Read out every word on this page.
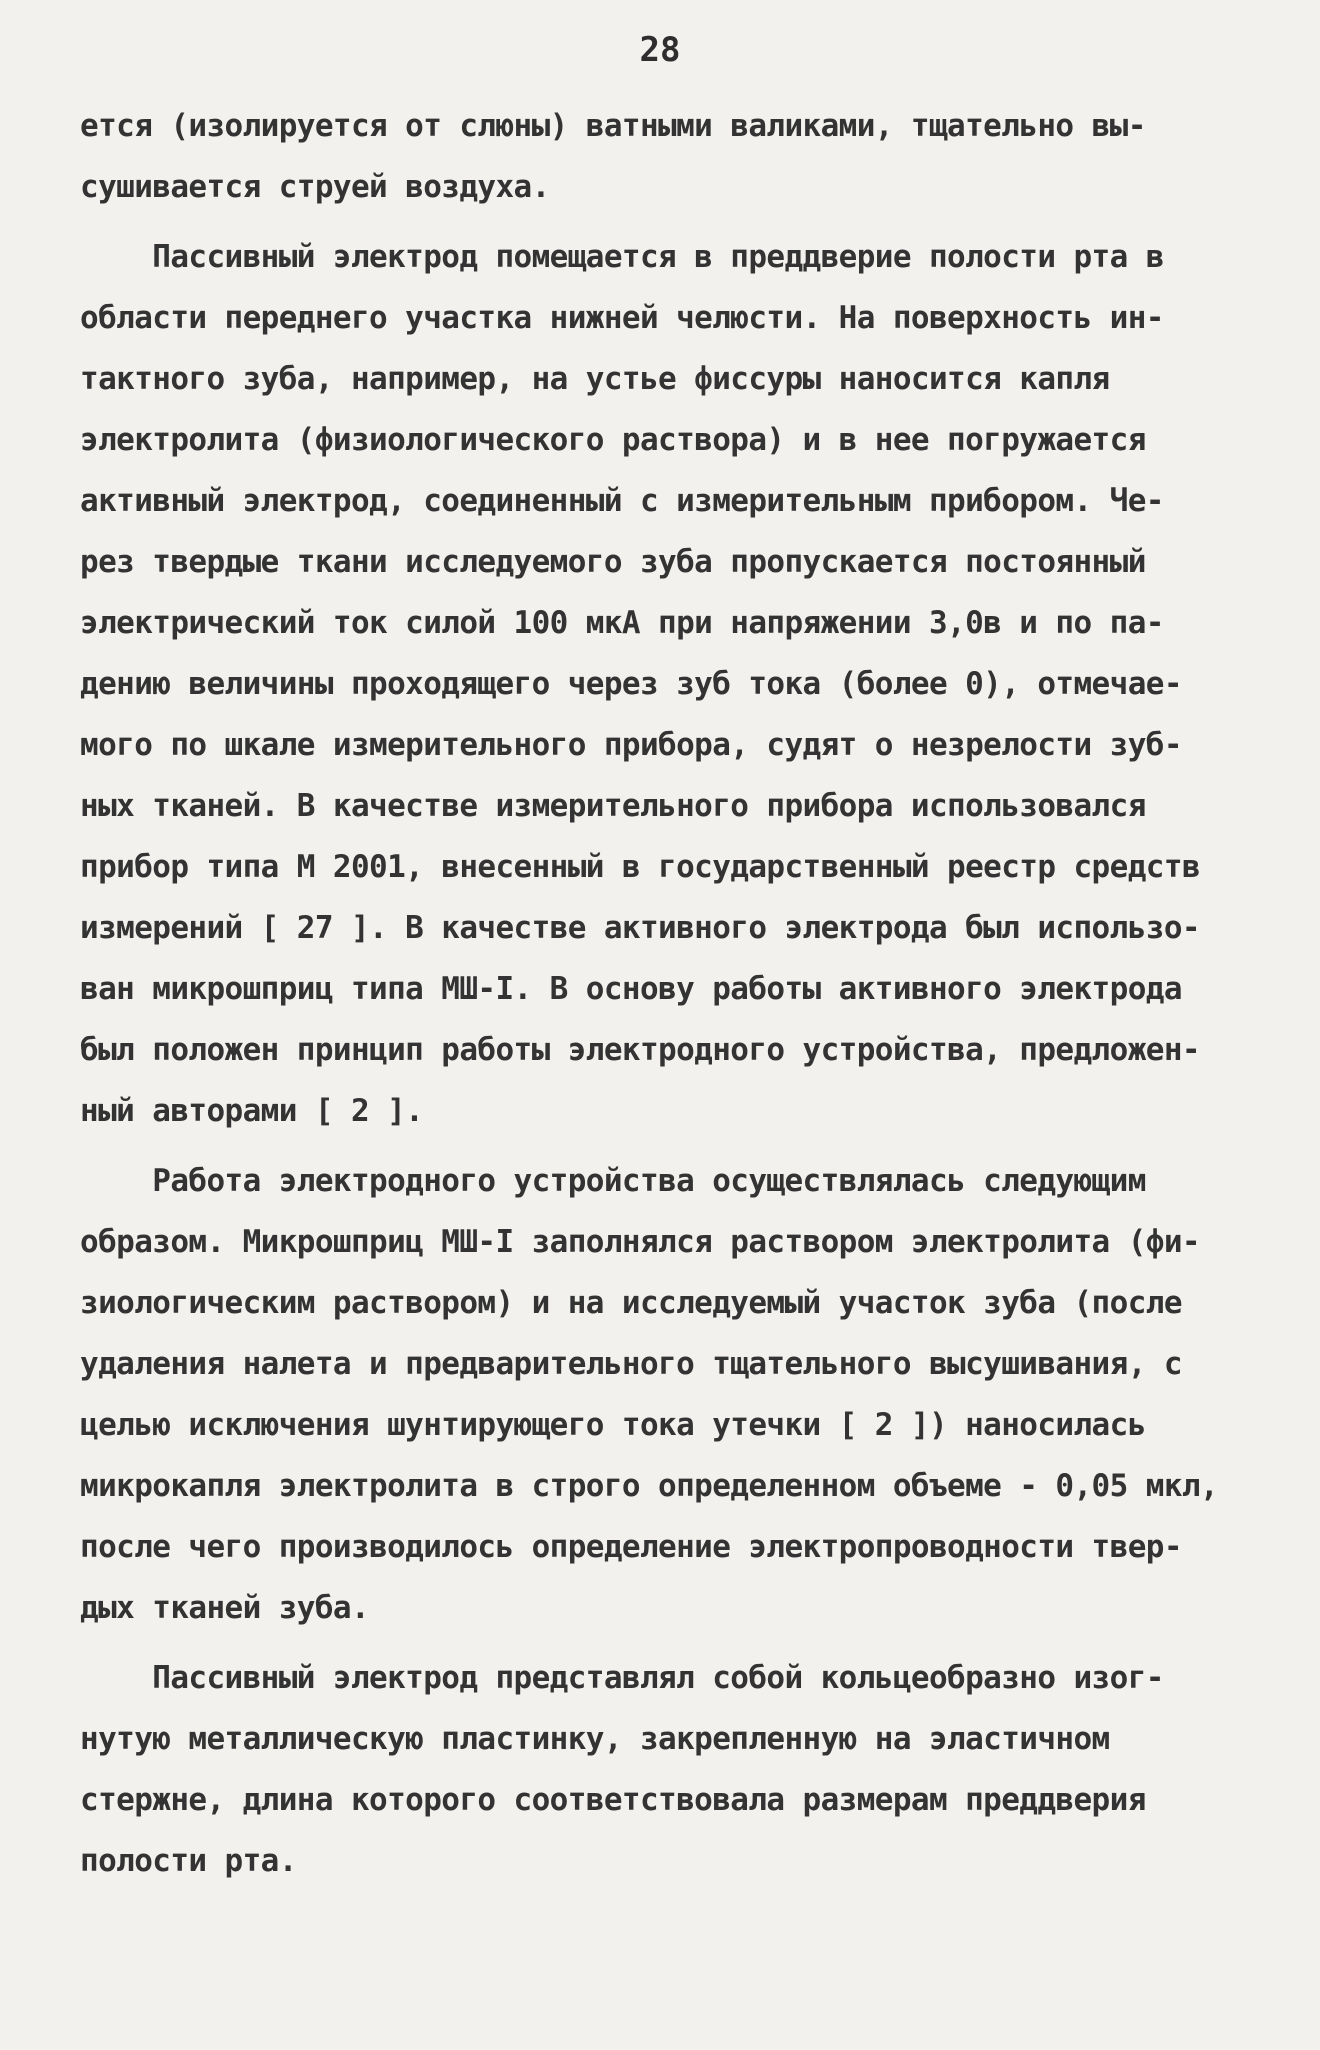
28
ется (изолируется от слюны) ватными валиками, тщательно вы-
сушивается струей воздуха.
Пассивный электрод помещается в преддверие полости рта в
области переднего участка нижней челюсти. На поверхность ин-
тактного зуба, например, на устье фиссуры наносится капля
электролита (физиологического раствора) и в нее погружается
активный электрод, соединенный с измерительным прибором. Че-
рез твердые ткани исследуемого зуба пропускается постоянный
электрический ток силой 100 мкА при напряжении 3,0в и по па-
дению величины проходящего через зуб тока (более 0), отмечае-
мого по шкале измерительного прибора, судят о незрелости зуб-
ных тканей. В качестве измерительного прибора использовался
прибор типа М 2001, внесенный в государственный реестр средств
измерений [ 27 ]. В качестве активного электрода был использо-
ван микрошприц типа МШ-I. В основу работы активного электрода
был положен принцип работы электродного устройства, предложен-
ный авторами [ 2 ].
Работа электродного устройства осуществлялась следующим
образом. Микрошприц МШ-I заполнялся раствором электролита (фи-
зиологическим раствором) и на исследуемый участок зуба (после
удаления налета и предварительного тщательного высушивания, с
целью исключения шунтирующего тока утечки [ 2 ]) наносилась
микрокапля электролита в строго определенном объеме - 0,05 мкл,
после чего производилось определение электропроводности твер-
дых тканей зуба.
Пассивный электрод представлял собой кольцеобразно изог-
нутую металлическую пластинку, закрепленную на эластичном
стержне, длина которого соответствовала размерам преддверия
полости рта.
